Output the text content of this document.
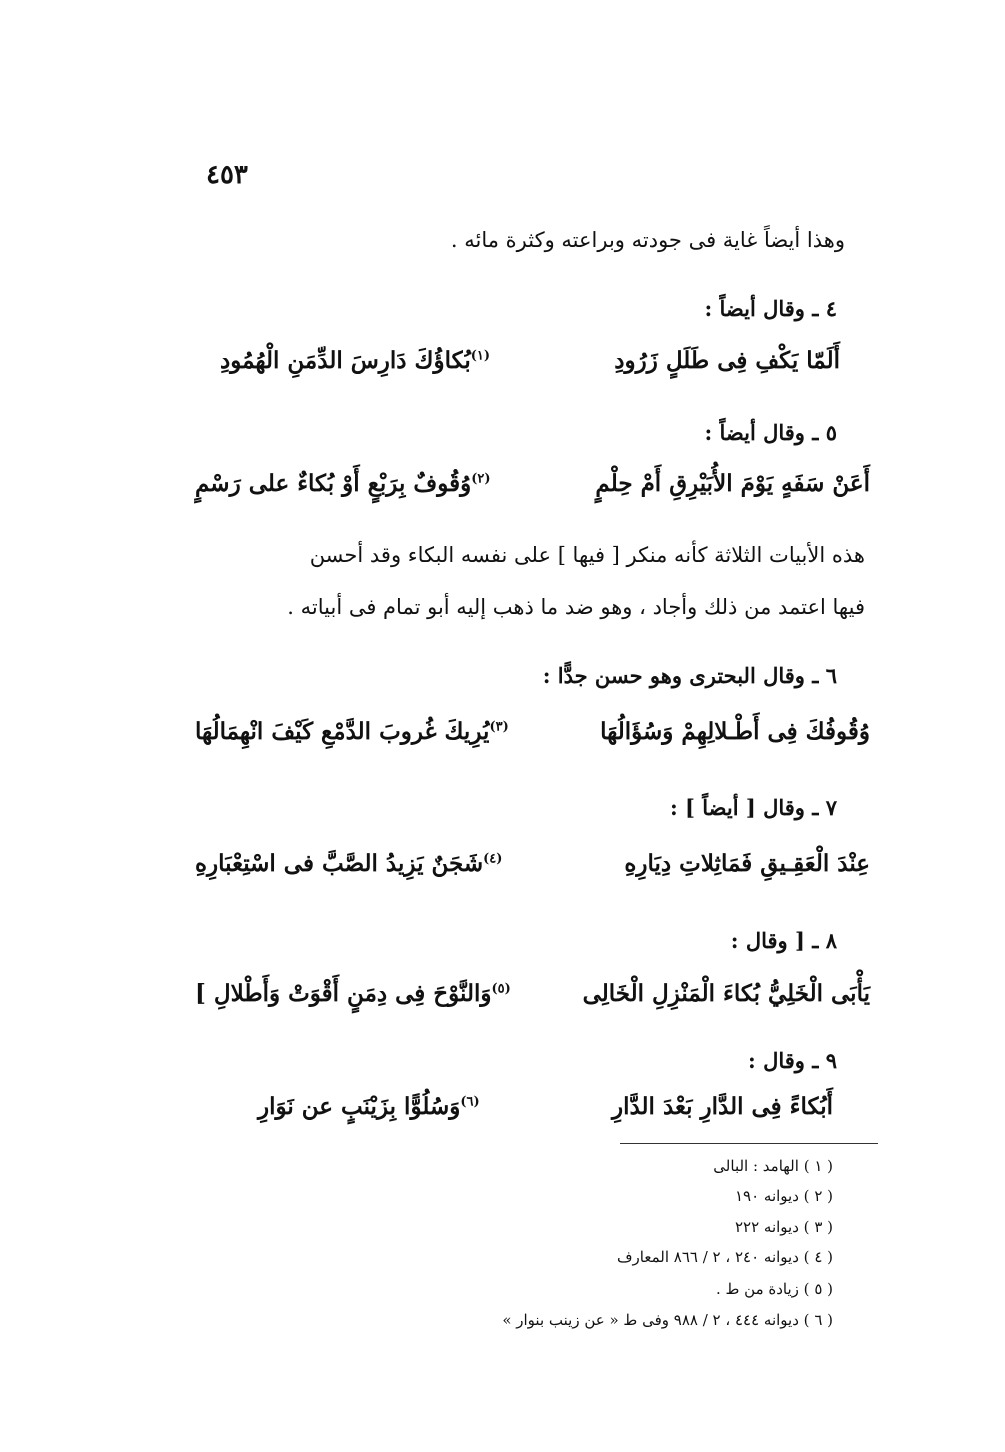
٤٥٣
وهذا أيضاً غاية فى جودته وبراعته وكثرة مائه .
٤ ـ وقال أيضاً :
أَلَمّا يَكْفِ فِى طَلَلٍ زَرُودِ
$^{(١)}$بُكاؤُكَ دَارِسَ الدِّمَنِ الْهُمُودِ
٥ ـ وقال أيضاً :
أَعَنْ سَفَهٍ يَوْمَ الأُبَيْرِقِ أَمْ حِلْمٍ
$^{(٢)}$وُقُوفٌ بِرَبْعٍ أَوْ بُكاءٌ على رَسْمٍ
هذه الأبيات الثلاثة كأنه منكر [ فيها ] على نفسه البكاء وقد أحسن
فيها اعتمد من ذلك وأجاد ، وهو ضد ما ذهب إليه أبو تمام فى أبياته .
٦ ـ وقال البحترى وهو حسن جدًّا :
وُقُوفُكَ فِى أَطْـلالِهِمْ وَسُؤَالُهَا
$^{(٣)}$يُرِيكَ غُروبَ الدَّمْعِ كَيْفَ انْهِمَالُهَا
٧ ـ وقال [ أيضاً ] :
عِنْدَ الْعَقِـيقِ فَمَاثِلاتِ دِيَارِهِ
$^{(٤)}$شَجَنٌ يَزِيدُ الصَّبَّ فى اسْتِعْبَارِهِ
٨ ـ [ وقال :
يَأْبَى الْخَلِيُّ بُكاءَ الْمَنْزِلِ الْخَالِى
$^{(٥)}$وَالنَّوْحَ فِى دِمَنٍ أَقْوَتْ وَأَطْلالِ ]
٩ ـ وقال :
أَبُكاءً فِى الدَّارِ بَعْدَ الدَّارِ
$^{(٦)}$وَسُلُوًّا بِزَيْنَبٍ عن نَوَارِ
( ١ ) الهامد : البالى
( ٢ ) ديوانه ١٩٠
( ٣ ) ديوانه ٢٢٢
( ٤ ) ديوانه ٢٤٠ ، ٢ / ٨٦٦ المعارف
( ٥ ) زيادة من ط .
( ٦ ) ديوانه ٤٤٤ ، ٢ / ٩٨٨ وفى ط « عن زينب بنوار »
